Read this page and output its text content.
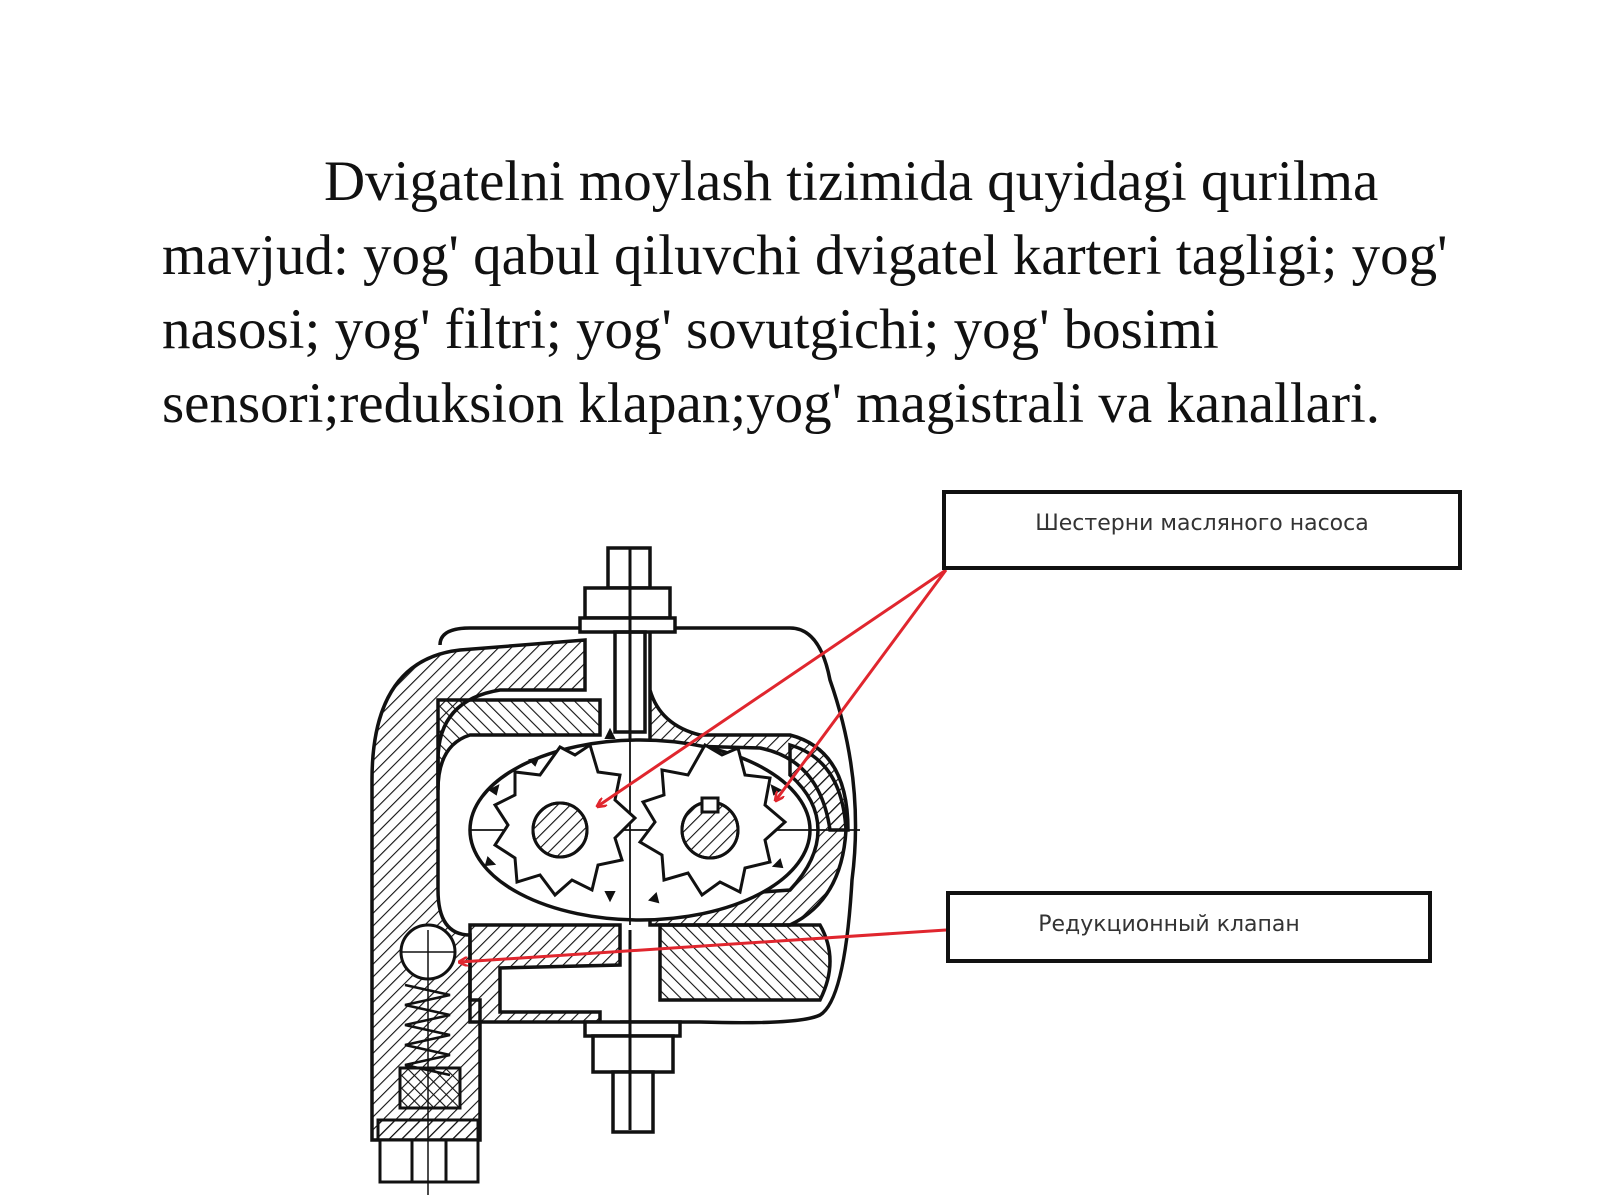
Dvigatelni moylash tizimida quyidagi qurilma mavjud: yog' qabul qiluvchi dvigatel karteri tagligi; yog' nasosi; yog' filtri; yog' sovutgichi; yog' bosimi sensori;reduksion klapan;yog' magistrali va kanallari.

Шестерни масляного насоса
Редукционный клапан
